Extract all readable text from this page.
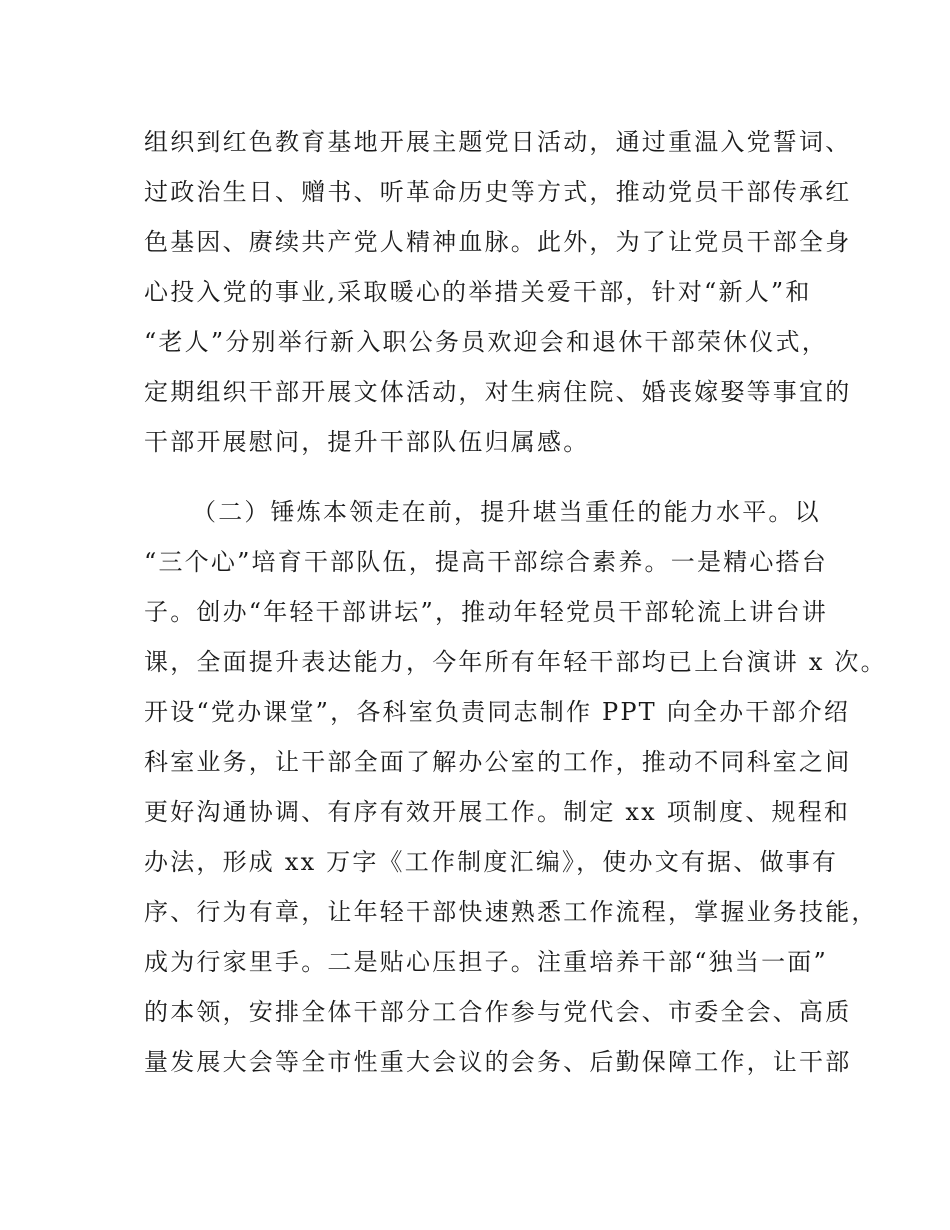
组织到红色教育基地开展主题党日活动，通过重温入党誓词、

过政治生日、赠书、听革命历史等方式，推动党员干部传承红

色基因、赓续共产党人精神血脉。此外，为了让党员干部全身

心投入党的事业,采取暖心的举措关爱干部，针对“新人”和

“老人”分别举行新入职公务员欢迎会和退休干部荣休仪式，

定期组织干部开展文体活动，对生病住院、婚丧嫁娶等事宜的

干部开展慰问，提升干部队伍归属感。

（二）锤炼本领走在前，提升堪当重任的能力水平。以

“三个心”培育干部队伍，提高干部综合素养。一是精心搭台

子。创办“年轻干部讲坛”，推动年轻党员干部轮流上讲台讲

课，全面提升表达能力，今年所有年轻干部均已上台演讲 x 次。

开设“党办课堂”，各科室负责同志制作 PPT 向全办干部介绍

科室业务，让干部全面了解办公室的工作，推动不同科室之间

更好沟通协调、有序有效开展工作。制定 xx 项制度、规程和

办法，形成 xx 万字《工作制度汇编》，使办文有据、做事有

序、行为有章，让年轻干部快速熟悉工作流程，掌握业务技能，

成为行家里手。二是贴心压担子。注重培养干部“独当一面”

的本领，安排全体干部分工合作参与党代会、市委全会、高质

量发展大会等全市性重大会议的会务、后勤保障工作，让干部
